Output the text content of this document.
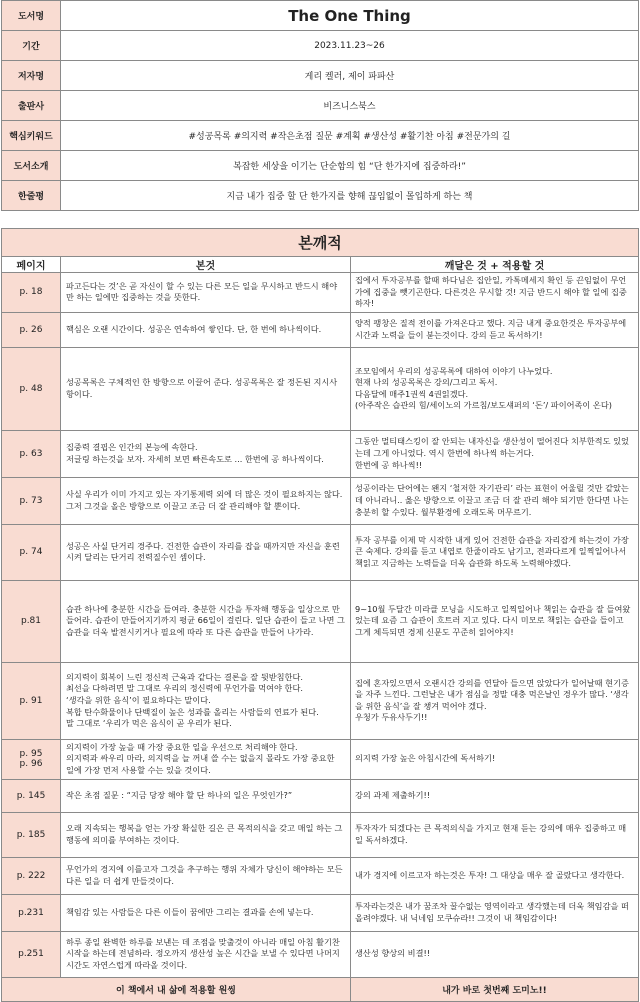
도서명	The One Thing
기간	2023.11.23~26
저자명	게리 켈러, 제이 파파산
출판사	비즈니스북스
핵심키워드	#성공목록 #의지력 #작은초점 질문 #계획 #생산성 #활기찬 아침 #전문가의 길
도서소개	복잡한 세상을 이기는 단순함의 힘 “단 한가지에 집중하라!”
한줄평	지금 내가 집중 할 단 한가지를 향해 끊임없이 몰입하게 하는 책
본깨적		
페이지	본것	깨달은 것 + 적용할 것
p. 18	파고든다는 것’은 곧 자신이 할 수 있는 다른 모든 일을 무시하고 반드시 해야만 하는 일에만 집중하는 것을 뜻한다.	집에서 투자공부를 할때 하다님은 집안일, 카톡메세지 확인 등 끈임없이 무언가에 집중을 뺏기곤한다. 다른것은 무시할 것! 지금 반드시 해야 할 일에 집중하자!
p. 26	핵심은 오랜 시간이다. 성공은 연속하여 쌓인다. 단, 한 번에 하나씩이다.	양적 팽창은 질적 전이를 가져온다고 했다. 지금 내게 중요한것은 투자공부에 시간과 노력을 들이 붇는것이다. 강의 듣고 독서하기!
p. 48	성공목록은 구체적인 한 방향으로 이끌어 준다. 성공목록은 잘 정돈된 지시사항이다.	조모임에서 우리의 성공목록에 대하여 이야기 나누었다.
현재 나의 성공목록은 강의/그리고 독서.
다음달에 매주1권씩 4권읽겠다.
(아주작은 습관의 힘/세이노의 가르침/보도섀퍼의 ‘돈’/ 파이어족이 온다)
p. 63	집중력 결핍은 인간의 본능에 속한다.
저글링 하는것을 보자. 자세히 보면 빠른속도로 ... 한번에 공 하나씩이다.	그동안 멀티태스킹이 잘 안되는 내자신을 생산성이 떨어진다 치부한적도 있었는데 그게 아니었다. 역시 한번에 하나씩 하는거다.
한번에 공 하나씩!!
p. 73	사실 우리가 이미 가지고 있는 자기통제력 외에 더 많은 것이 필요하지는 않다. 그저 그것을 올은 방향으로 이끌고 조금 더 잘 관리해야 할 뿐이다.	성공이라는 단어에는 왠지 ‘철저한 자기관리’ 라는 표현이 어울릴 것만 같았는데 아니라니.. 옳은 방향으로 이끌고 조금 더 잘 관리 해야 되기만 한다면 나는 충분히 할 수있다. 월부환경에 오래도록 머무르기.
p. 74	성공은 사실 단거리 경주다. 건전한 습관이 자리를 잡을 때까지만 자신을 훈련시켜 달리는 단거리 전력질수인 셈이다.	투자 공부를 이제 막 시작한 내게 있어 건전한 습관을 자리잡게 하는것이 가장 큰 숙제다. 강의를 듣고 내엽로 한줄이라도 남기고, 전과다르게 일찍일어나서 책읽고 지금하는 노력들을 더욱 습관화 하도록 노력해야겠다.
p.81	습관 하나에 충분한 시간을 들여라. 충분한 시간을 투자해 행동을 일상으로 만들어라. 습관이 만들어지기까지 평균 66일이 걸린다. 일단 습관이 들고 나면 그 습관을 더욱 발전시키거나 필요에 따라 또 다른 습관을 만들어 나가라.	9~10월 두달간 미라클 모닝을 시도하고 일찍일어나 책읽는 습관을 잘 들여왔었는데 요즘 그 습관이 흐트러 지고 있다. 다시 미모로 책읽는 습관을 들이고 그게 체득되면 경제 신문도 꾸준히 읽어야지!
p. 91	의지력이 회복이 느린 정신적 근육과 같다는 결론을 잘 뒷받침한다.
최선을 다하려면 말 그대로 우리의 정신력에 무언가를 먹여야 한다.
‘생각을 위한 음식’이 필요하다는 말이다.
복합 탄수화물이나 단백질이 높은 성과를 올리는 사람들의 연료가 된다.
말 그대로 ‘우리가 먹은 음식이 곧 우리가 된다.	집에 혼자있으면서 오랜시간 강의를 연달아 들으면 앉았다가 일어날때 현기증을 자주 느낀다. 그런날은 내가 점심을 정말 대충 먹은날인 경우가 많다. ‘생각을 위한 음식’을 잘 챙겨 먹어야 겠다.
우청가 두유사두기!!
p. 95
p. 96	의지력이 가장 높을 때 가장 중요한 일을 우선으로 처리해야 한다.
의지력과 싸우리 마라, 의지력을 늘 꺼내 쓸 수는 없을지 몰라도 가장 중요한 일에 가장 먼저 사용할 수는 있을 것이다.	의지력 가장 높은 아침시간에 독서하기!
p. 145	작은 초점 질문 : “지금 당장 해야 할 단 하나의 일은 무엇인가?”	강의 과제 제출하기!!
p. 185	오래 지속되는 행복을 얻는 가장 확실한 길은 큰 목적의식을 갖고 매일 하는 그 행동에 의미를 부여하는 것이다.	투자자가 되겠다는 큰 목적의식을 가지고 현재 듣는 강의에 매우 집중하고 매일 독서하겠다.
p. 222	무언가의 경지에 이를고자 그것을 추구하는 행위 자체가 당신이 해야하는 모든 다른 일을 더 쉽게 만들것이다.	내가 경지에 이르고자 하는것은 투자! 그 대상을 매우 잘 골랐다고 생각한다.
p.231	책임감 있는 사람들은 다른 이들이 꿈에만 그리는 결과를 손에 넣는다.	투자라는것은 내가 꿈조차 꿀수없는 영역이라고 생각했는데 더욱 책임감을 떠올려야겠다. 내 닉네임 모쿠슈라!! 그것이 내 책임감이다!
p.251	하루 종일 완벽한 하루를 보낸는 데 조점을 맞출것이 아니라 매일 아침 활기찬 시작을 하는데 전념하라. 정오까지 생산성 높은 시간을 보낼 수 있다면 나머지 시간도 자연스럽게 따라올 것이다.	생산성 향상의 비결!!
이 책에서 내 삶에 적용할 원씽		내가 바로 첫번째 도미노!!
